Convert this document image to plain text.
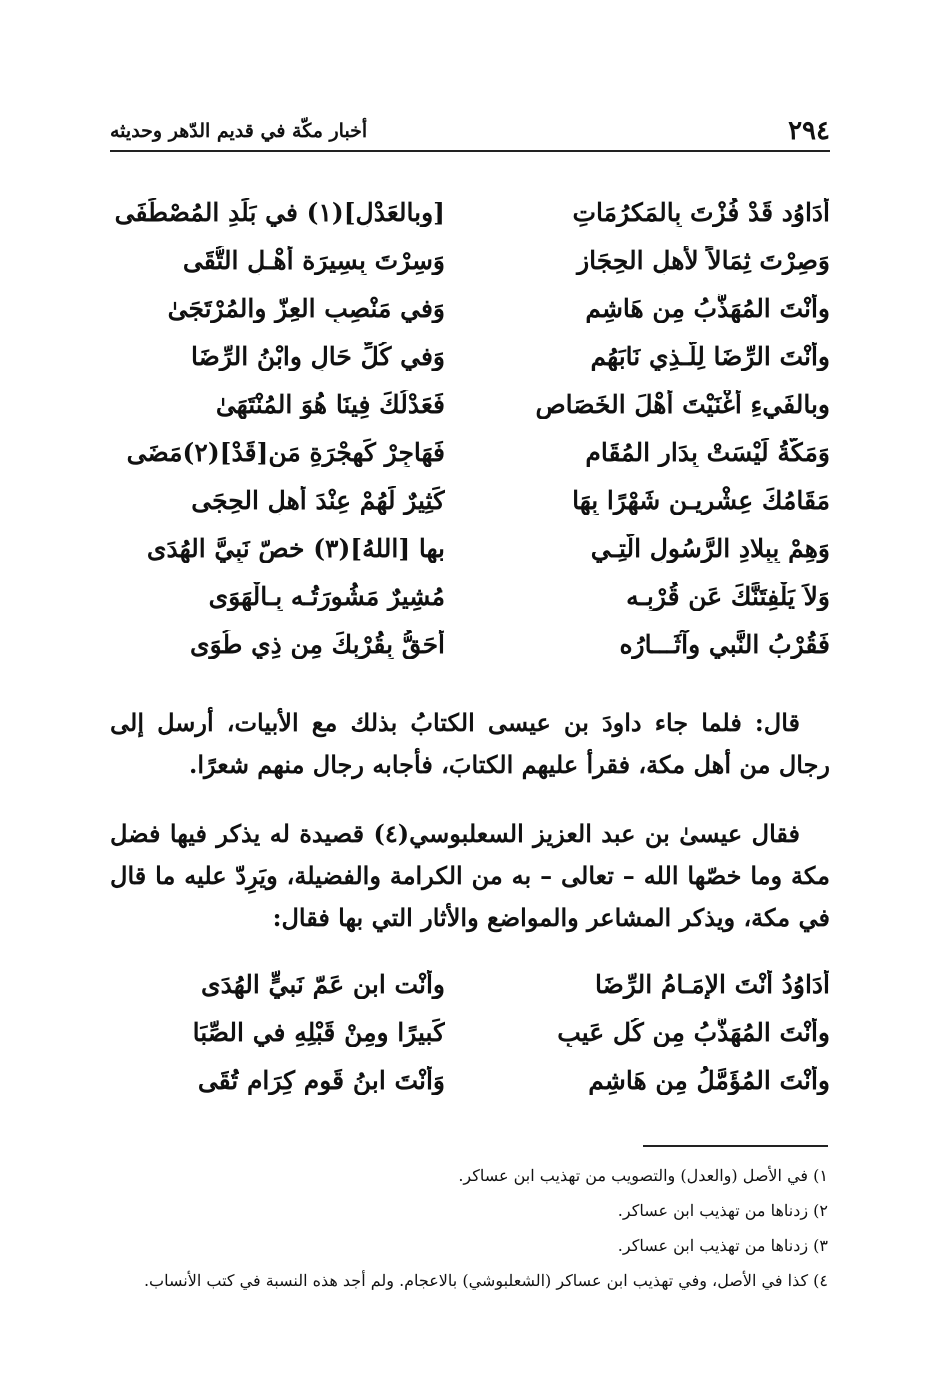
٢٩٤
أخبار مكّة في قديم الدّهر وحديثه
أَدَاوُد قَدْ فُزْتَ بِالمَكرُمَاتِ
[وبالعَدْلِ](١) في بَلَدِ المُصْطَفَى
وَصِرْتَ ثِمَالاً لأهلِ الحِجَازِ
وَسِرْتَ بِسِيرَة أهْـلِ التُّقَى
وأنْتَ المُهَذَّبُ مِن هَاشِمٍ
وَفي مَنْصِبِ العِزّ والمُرْتَجَىٰ
وأنْتَ الرِّضَا لِلَّـذِي نَابَهُم
وَفي كُلِّ حَالٍ وابْنُ الرِّضَا
وبالفَيءِ أغْنَيْتَ أهْلَ الخَصَاصِ
فَعَدْلُكَ فِينَا هُوَ المُنْتَهَىٰ
وَمَكَّةُ لَيْسَتْ بِدَارِ المُقَامِ
فَهَاجِرْ كَهِجْرَةِ مَن[قَدْ](٢)مَضَى
مَقَامُكَ عِشْرِيـن شَهْرًا بِهَا
كَثِيرٌ لَهُمْ عِنْدَ أهلِ الحِجَى
وَهِمْ بِبِلادِ الرَّسُولِ الَّتِـي
بها [اللهُ](٣) خصّ نَبِيَّ الهُدَى
وَلاَ يَلْفِتَنَّكَ عَن قُرْبِـه
مُشِيرٌ مَشُورَتُـه بِـالْهَوَى
فَقُرْبُ النَّبي وآثَـــارُه
أحَقُّ بِقُرْبِكَ مِن ذِي طُوَى

قال: فلما جاء داودَ بن عيسى الكتابُ بذلك مع الأبيات، أرسل إلى رجال من أهل مكة، فقرأ عليهم الكتابَ، فأجابه رجال منهم شعرًا.

فقال عيسىٰ بن عبد العزيز السعلبوسي(٤) قصيدة له يذكر فيها فضل مكة وما خصّها الله – تعالى – به من الكرامة والفضيلة، ويَرِدّ عليه ما قال في مكة، ويذكر المشاعر والمواضع والأثار التي بها فقال:

أدَاوُدُ أنْتَ الإمَـامُ الرِّضَا
وأنْت ابن عَمّ نَبيٍّ الهُدَى
وأنْتَ المُهَذَّبُ مِن كُل عَيبٍ
كَبيرًا ومِنْ قَبْلِهِ في الصِّبَا
وأنْتَ المُؤَمَّلُ مِن هَاشِمٍ
وَأنْتَ ابنُ قَومٍ كِرَامٍ تُقَى
١) في الأصل (والعدل) والتصويب من تهذيب ابن عساكر.
٢) زدناها من تهذيب ابن عساكر.
٣) زدناها من تهذيب ابن عساكر.
٤) كذا في الأصل، وفي تهذيب ابن عساكر (الشعلبوشي) بالاعجام. ولم أجد هذه النسبة في كتب الأنساب.
